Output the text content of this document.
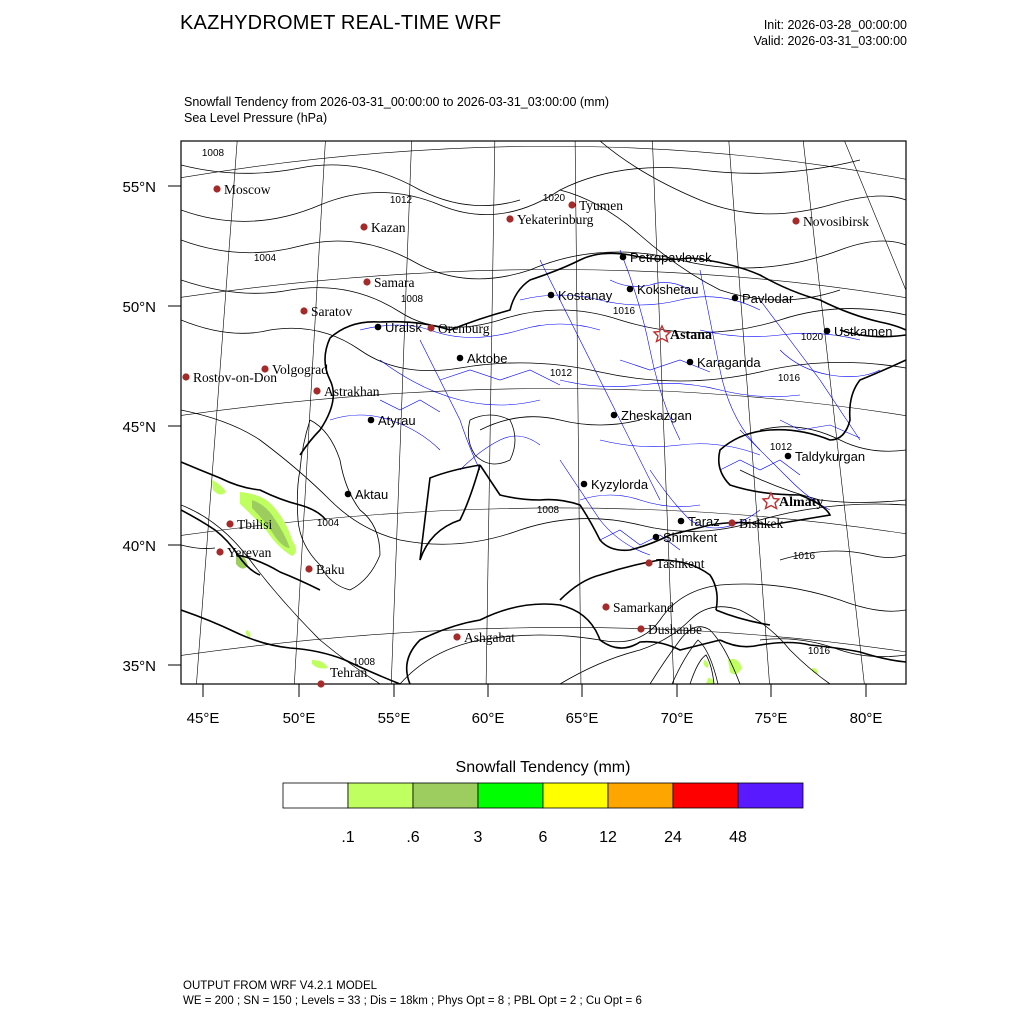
KAZHYDROMET REAL-TIME WRF	Init: 2026-03-28_00:00:00
Valid: 2026-03-31_03:00:00
Snowfall Tendency from 2026-03-31_00:00:00 to 2026-03-31_03:00:00 (mm)
Sea Level Pressure (hPa)
55°N
50°N
45°N
40°N
35°N
45°E	50°E	55°E	60°E	65°E	70°E	75°E	80°E
1008
1012
1004
1008
1020
1016
1012	1016
1020
1012
1008
1004
1016
1008
1016
Moscow
Kazan
Samara
Saratov
Volgograd
Rostov-on-Don
Astrakhan
Orenburg
Yekaterinburg
Tyumen
Novosibirsk
Tbilisi
Yerevan
Baku
Ashgabat
Tehran
Samarkand
Dushanbe
Tashkent
Bishkek
Petropavlovsk
Kostanay Kokshetau
Pavlodar
Uralsk
Aktobe	Karaganda
Ustkamen
Atyrau	Zheskazgan
Taldykurgan
Kyzylorda
Aktau
Taraz
Shimkent
Astana
Almaty
.1	.6	3	6	12	24	48
Snowfall Tendency (mm)
OUTPUT FROM WRF V4.2.1 MODEL
WE = 200 ; SN = 150 ; Levels = 33 ; Dis = 18km ; Phys Opt = 8 ; PBL Opt = 2 ; Cu Opt = 6
